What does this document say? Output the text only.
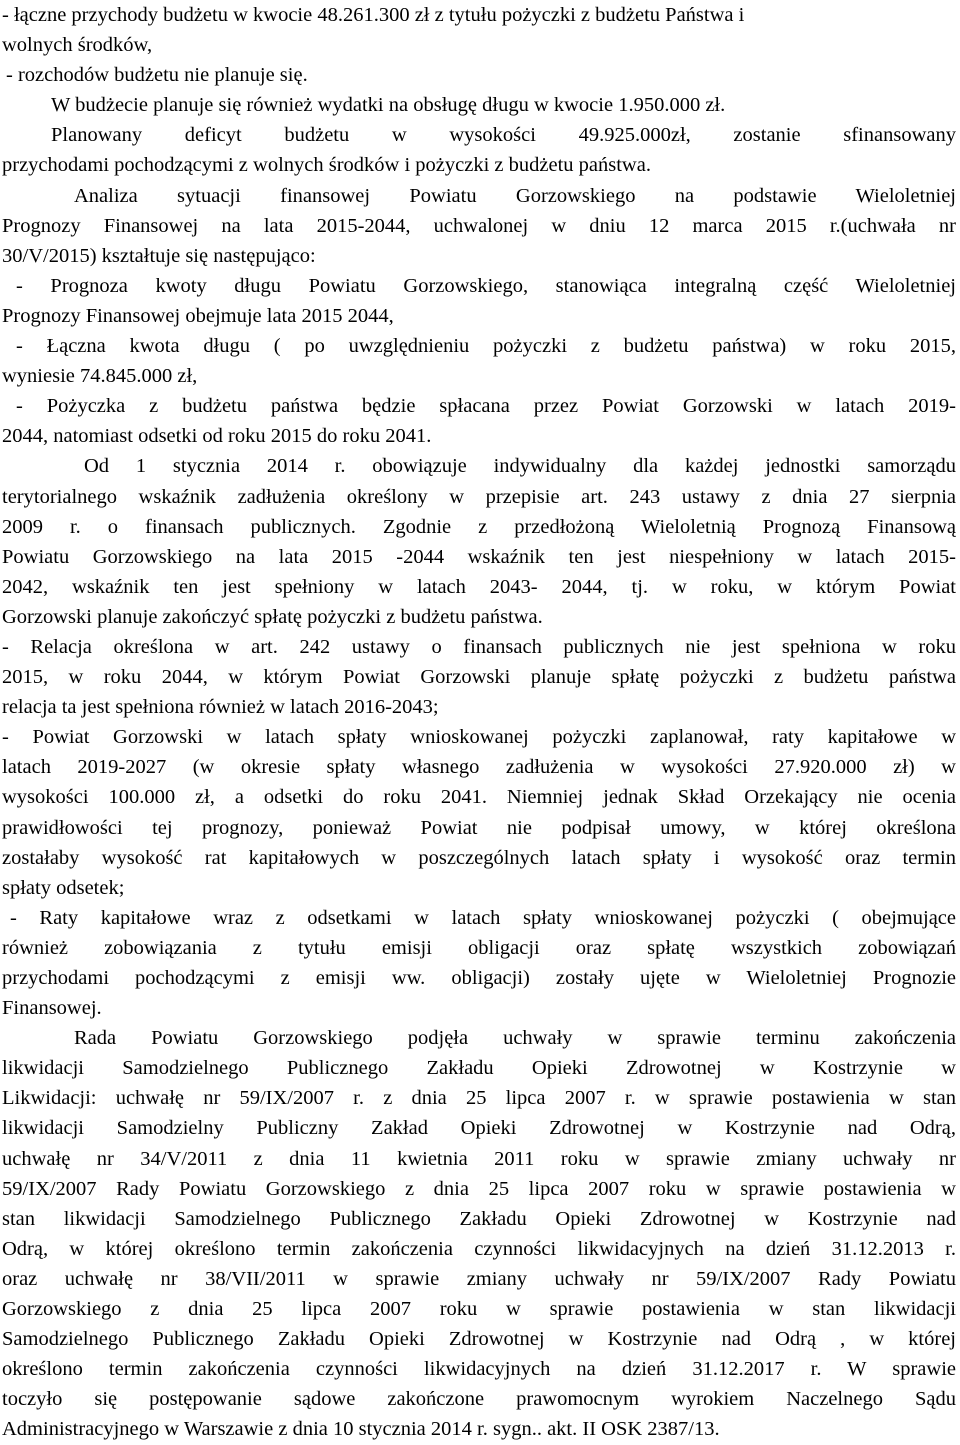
- łączne przychody budżetu w kwocie 48.261.300 zł z tytułu pożyczki z budżetu Państwa i
wolnych środków,
- rozchodów budżetu nie planuje się.
W budżecie planuje się również wydatki na obsługę długu w kwocie 1.950.000 zł.
Planowany deficyt budżetu w wysokości 49.925.000zł, zostanie sfinansowany
przychodami pochodzącymi z wolnych środków i pożyczki z budżetu państwa.
Analiza sytuacji finansowej Powiatu Gorzowskiego na podstawie Wieloletniej
Prognozy Finansowej na lata 2015-2044, uchwalonej w dniu 12 marca 2015 r.(uchwała nr
30/V/2015) kształtuje się następująco:
- Prognoza kwoty długu Powiatu Gorzowskiego, stanowiąca integralną część Wieloletniej
Prognozy Finansowej obejmuje lata 2015 2044,
- Łączna kwota długu ( po uwzględnieniu pożyczki z budżetu państwa) w roku 2015,
wyniesie 74.845.000 zł,
- Pożyczka z budżetu państwa będzie spłacana przez Powiat Gorzowski w latach 2019-
2044, natomiast odsetki od roku 2015 do roku 2041.
Od 1 stycznia 2014 r. obowiązuje indywidualny dla każdej jednostki samorządu
terytorialnego wskaźnik zadłużenia określony w przepisie art. 243 ustawy z dnia 27 sierpnia
2009 r. o finansach publicznych. Zgodnie z przedłożoną Wieloletnią Prognozą Finansową
Powiatu Gorzowskiego na lata 2015 -2044 wskaźnik ten jest niespełniony w latach 2015-
2042, wskaźnik ten jest spełniony w latach 2043- 2044, tj. w roku, w którym Powiat
Gorzowski planuje zakończyć spłatę pożyczki z budżetu państwa.
- Relacja określona w art. 242 ustawy o finansach publicznych nie jest spełniona w roku
2015, w roku 2044, w którym Powiat Gorzowski planuje spłatę pożyczki z budżetu państwa
relacja ta jest spełniona również w latach 2016-2043;
- Powiat Gorzowski w latach spłaty wnioskowanej pożyczki zaplanował, raty kapitałowe w
latach 2019-2027 (w okresie spłaty własnego zadłużenia w wysokości 27.920.000 zł) w
wysokości 100.000 zł, a odsetki do roku 2041. Niemniej jednak Skład Orzekający nie ocenia
prawidłowości tej prognozy, ponieważ Powiat nie podpisał umowy, w której określona
zostałaby wysokość rat kapitałowych w poszczególnych latach spłaty i wysokość oraz termin
spłaty odsetek;
- Raty kapitałowe wraz z odsetkami w latach spłaty wnioskowanej pożyczki ( obejmujące
również zobowiązania z tytułu emisji obligacji oraz spłatę wszystkich zobowiązań
przychodami pochodzącymi z emisji ww. obligacji) zostały ujęte w Wieloletniej Prognozie
Finansowej.
Rada Powiatu Gorzowskiego podjęła uchwały w sprawie terminu zakończenia
likwidacji Samodzielnego Publicznego Zakładu Opieki Zdrowotnej w Kostrzynie w
Likwidacji: uchwałę nr 59/IX/2007 r. z dnia 25 lipca 2007 r. w sprawie postawienia w stan
likwidacji Samodzielny Publiczny Zakład Opieki Zdrowotnej w Kostrzynie nad Odrą,
uchwałę nr 34/V/2011 z dnia 11 kwietnia 2011 roku w sprawie zmiany uchwały nr
59/IX/2007 Rady Powiatu Gorzowskiego z dnia 25 lipca 2007 roku w sprawie postawienia w
stan likwidacji Samodzielnego Publicznego Zakładu Opieki Zdrowotnej w Kostrzynie nad
Odrą, w której określono termin zakończenia czynności likwidacyjnych na dzień 31.12.2013 r.
oraz uchwałę nr 38/VII/2011 w sprawie zmiany uchwały nr 59/IX/2007 Rady Powiatu
Gorzowskiego z dnia 25 lipca 2007 roku w sprawie postawienia w stan likwidacji
Samodzielnego Publicznego Zakładu Opieki Zdrowotnej w Kostrzynie nad Odrą , w której
określono termin zakończenia czynności likwidacyjnych na dzień 31.12.2017 r. W sprawie
toczyło się postępowanie sądowe zakończone prawomocnym wyrokiem Naczelnego Sądu
Administracyjnego w Warszawie z dnia 10 stycznia 2014 r. sygn.. akt. II OSK 2387/13.
